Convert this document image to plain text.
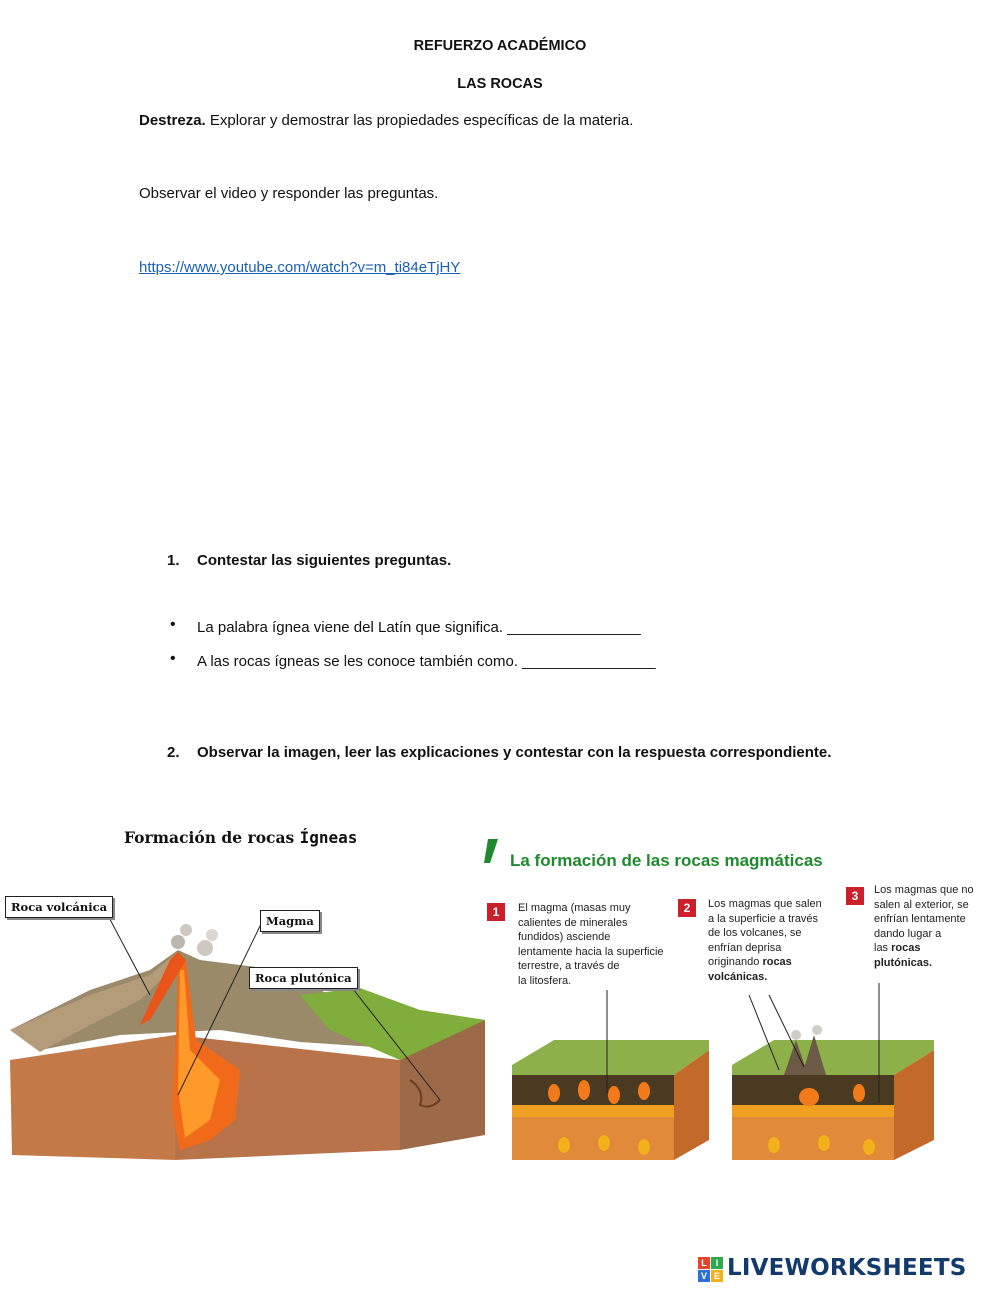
REFUERZO ACADÉMICO
LAS ROCAS
Destreza. Explorar y demostrar las propiedades específicas de la materia.
Observar el video y responder las preguntas.
https://www.youtube.com/watch?v=m_ti84eTjHY
1. Contestar las siguientes preguntas.
• La palabra ígnea viene del Latín que significa. ________________
• A las rocas ígneas se les conoce también como. ________________
2. Observar la imagen, leer las explicaciones y contestar con la respuesta correspondiente.
Formación de rocas Ígneas
Roca volcánica
Magma
Roca plutónica
La formación de las rocas magmáticas
1	El magma (masas muy
calientes de minerales
fundidos) asciende
lentamente hacia la superficie
terrestre, a través de
la litosfera.
2	Los magmas que salen
a la superficie a través
de los volcanes, se
enfrían deprisa
originando rocas
volcánicas.
3	Los magmas que no
salen al exterior, se
enfrían lentamente
dando lugar a
las rocas
plutónicas.
L I
V E LIVEWORKSHEETS
